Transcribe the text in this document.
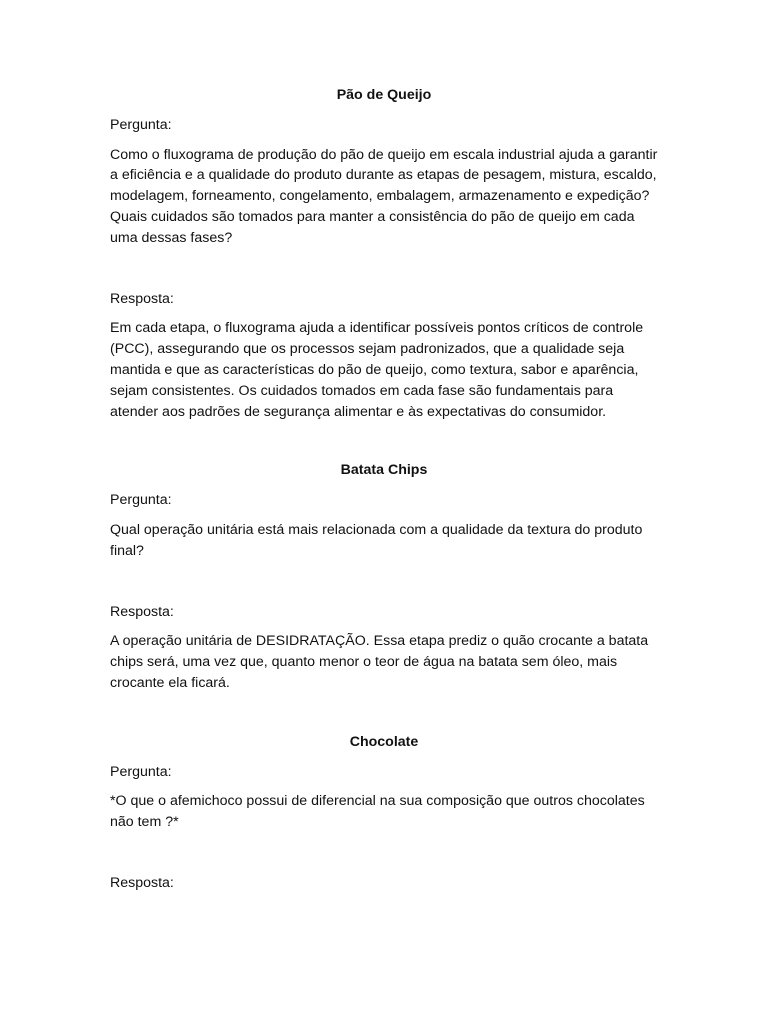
Pão de Queijo
Pergunta:
Como o fluxograma de produção do pão de queijo em escala industrial ajuda a garantir a eficiência e a qualidade do produto durante as etapas de pesagem, mistura, escaldo, modelagem, forneamento, congelamento, embalagem, armazenamento e expedição? Quais cuidados são tomados para manter a consistência do pão de queijo em cada uma dessas fases?
Resposta:
Em cada etapa, o fluxograma ajuda a identificar possíveis pontos críticos de controle (PCC), assegurando que os processos sejam padronizados, que a qualidade seja mantida e que as características do pão de queijo, como textura, sabor e aparência, sejam consistentes. Os cuidados tomados em cada fase são fundamentais para atender aos padrões de segurança alimentar e às expectativas do consumidor.
Batata Chips
Pergunta:
Qual operação unitária está mais relacionada com a qualidade da textura do produto final?
Resposta:
A operação unitária de DESIDRATAÇÃO. Essa etapa prediz o quão crocante a batata chips será, uma vez que, quanto menor o teor de água na batata sem óleo, mais crocante ela ficará.
Chocolate
Pergunta:
*O que o afemichoco possui de diferencial na sua composição que outros chocolates não tem ?*
Resposta:
